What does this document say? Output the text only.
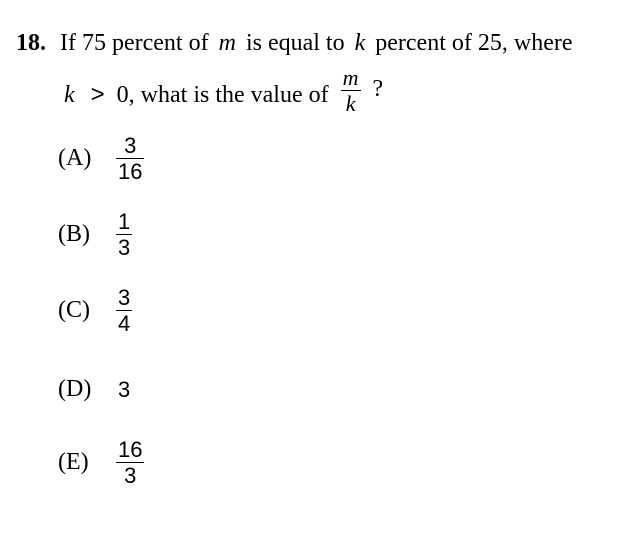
18. If 75 percent of m is equal to k percent of 25, where
k > 0, what is the value of $\frac{m}{k}$ ?
(A)	$\frac{3}{16}$
(B)	$\frac{1}{3}$
(C)	$\frac{3}{4}$
(D)	3
(E)	$\frac{16}{3}$
